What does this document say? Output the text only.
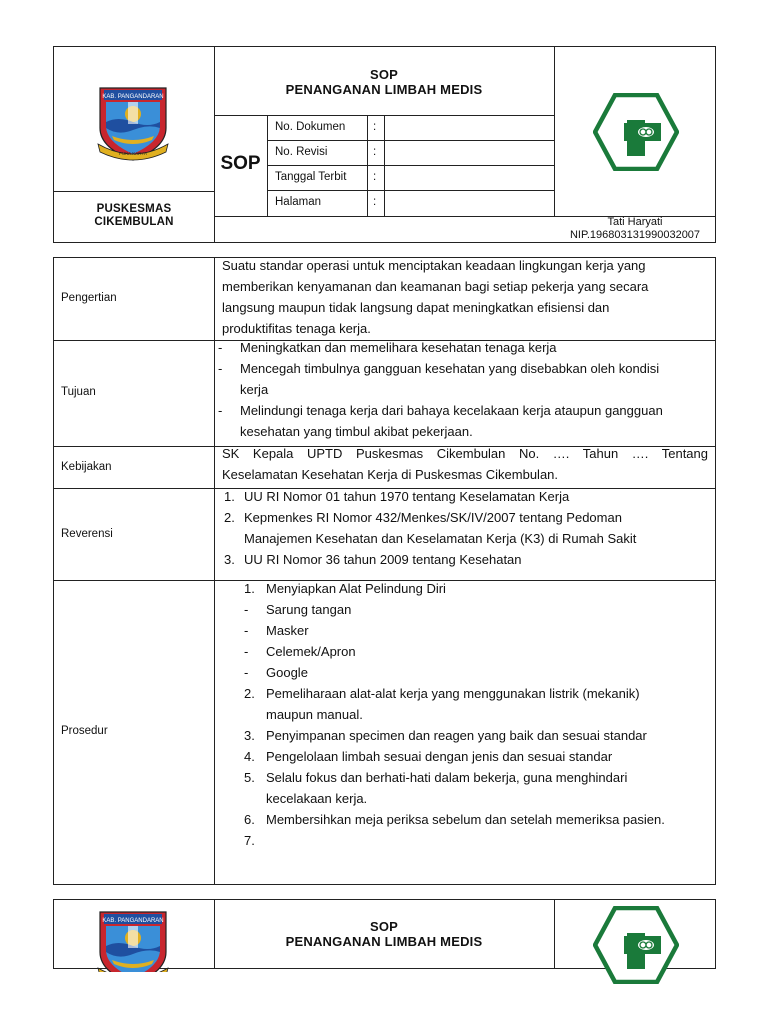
KAB. PANGANDARAN
PUKA KARYA
PUSKESMAS
CIKEMBULAN
SOP
PENANGANAN LIMBAH MEDIS
SOP
No. Dokumen
No. Revisi
Tanggal Terbit
Halaman
:
:
:
:
Tati Haryati
NIP.196803131990032007
Pengertian
Suatu standar operasi untuk menciptakan keadaan lingkungan kerja yang
memberikan kenyamanan dan keamanan bagi setiap pekerja yang secara
langsung maupun tidak langsung dapat meningkatkan efisiensi dan
produktifitas tenaga kerja.
Tujuan
- Meningkatkan dan memelihara kesehatan tenaga kerja
- Mencegah timbulnya gangguan kesehatan yang disebabkan oleh kondisi
kerja
- Melindungi tenaga kerja dari bahaya kecelakaan kerja ataupun gangguan
kesehatan yang timbul akibat pekerjaan.
Kebijakan
SK Kepala UPTD Puskesmas Cikembulan No. …. Tahun …. Tentang
Keselamatan Kesehatan Kerja di Puskesmas Cikembulan.
Reverensi
1. UU RI Nomor 01 tahun 1970 tentang Keselamatan Kerja
2. Kepmenkes RI Nomor 432/Menkes/SK/IV/2007 tentang Pedoman
Manajemen Kesehatan dan Keselamatan Kerja (K3) di Rumah Sakit
3. UU RI Nomor 36 tahun 2009 tentang Kesehatan
Prosedur
1. Menyiapkan Alat Pelindung Diri
- Sarung tangan
- Masker
- Celemek/Apron
- Google
2. Pemeliharaan alat-alat kerja yang menggunakan listrik (mekanik)
maupun manual.
3. Penyimpanan specimen dan reagen yang baik dan sesuai standar
4. Pengelolaan limbah sesuai dengan jenis dan sesuai standar
5. Selalu fokus dan berhati-hati dalam bekerja, guna menghindari
kecelakaan kerja.
6. Membersihkan meja periksa sebelum dan setelah memeriksa pasien.
7.
KAB. PANGANDARAN	SOP
PENANGANAN LIMBAH MEDIS
